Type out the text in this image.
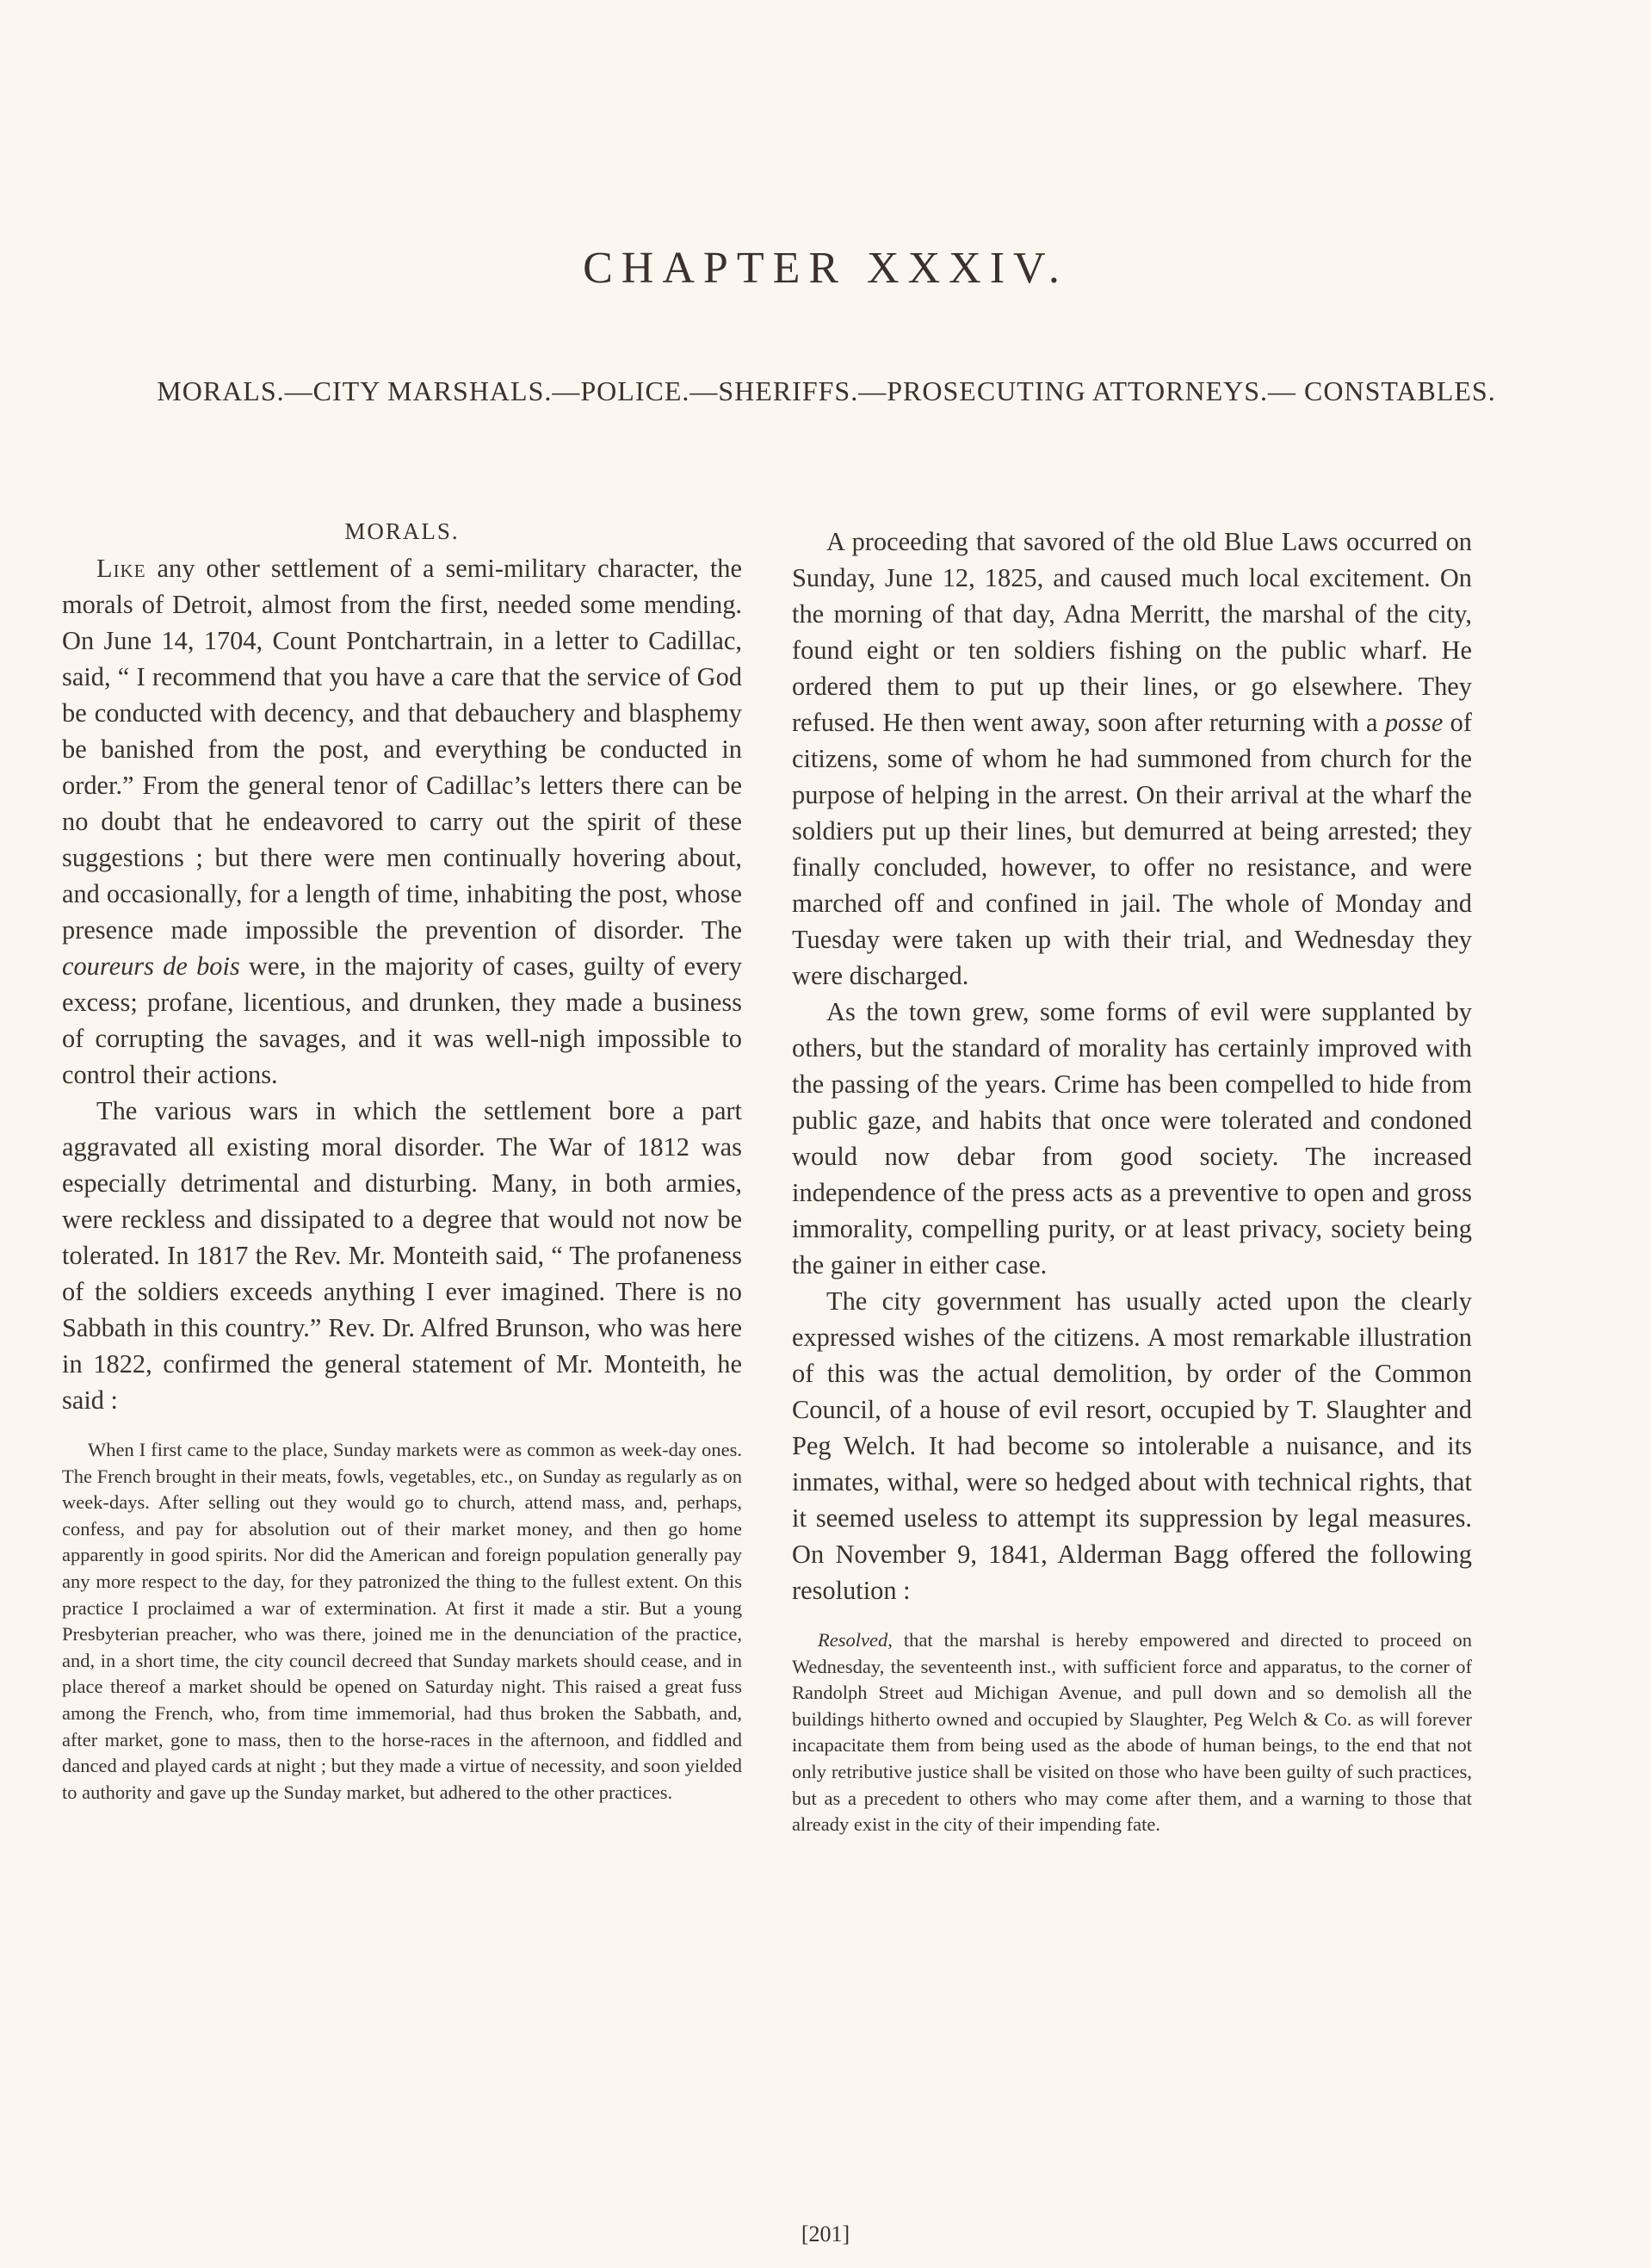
CHAPTER XXXIV.
MORALS.—CITY MARSHALS.—POLICE.—SHERIFFS.—PROSECUTING ATTORNEYS.— CONSTABLES.
MORALS.

Like any other settlement of a semi-military character, the morals of Detroit, almost from the first, needed some mending. On June 14, 1704, Count Pontchartrain, in a letter to Cadillac, said, “ I recommend that you have a care that the service of God be conducted with decency, and that debauchery and blasphemy be banished from the post, and everything be conducted in order.” From the general tenor of Cadillac’s letters there can be no doubt that he endeavored to carry out the spirit of these suggestions ; but there were men continually hovering about, and occasionally, for a length of time, inhabiting the post, whose presence made impossible the prevention of disorder. The coureurs de bois were, in the majority of cases, guilty of every excess; profane, licentious, and drunken, they made a business of corrupting the savages, and it was well-nigh impossible to control their actions.

The various wars in which the settlement bore a part aggravated all existing moral disorder. The War of 1812 was especially detrimental and disturbing. Many, in both armies, were reckless and dissipated to a degree that would not now be tolerated. In 1817 the Rev. Mr. Monteith said, “ The profaneness of the soldiers exceeds anything I ever imagined. There is no Sabbath in this country.” Rev. Dr. Alfred Brunson, who was here in 1822, confirmed the general statement of Mr. Monteith, he said :

When I first came to the place, Sunday markets were as common as week-day ones. The French brought in their meats, fowls, vegetables, etc., on Sunday as regularly as on week-days. After selling out they would go to church, attend mass, and, perhaps, confess, and pay for absolution out of their market money, and then go home apparently in good spirits. Nor did the American and foreign population generally pay any more respect to the day, for they patronized the thing to the fullest extent. On this practice I proclaimed a war of extermination. At first it made a stir. But a young Presbyterian preacher, who was there, joined me in the denunciation of the practice, and, in a short time, the city council decreed that Sunday markets should cease, and in place thereof a market should be opened on Saturday night. This raised a great fuss among the French, who, from time immemorial, had thus broken the Sabbath, and, after market, gone to mass, then to the horse-races in the afternoon, and fiddled and danced and played cards at night ; but they made a virtue of necessity, and soon yielded to authority and gave up the Sunday market, but adhered to the other practices.

A proceeding that savored of the old Blue Laws occurred on Sunday, June 12, 1825, and caused much local excitement. On the morning of that day, Adna Merritt, the marshal of the city, found eight or ten soldiers fishing on the public wharf. He ordered them to put up their lines, or go elsewhere. They refused. He then went away, soon after returning with a posse of citizens, some of whom he had summoned from church for the purpose of helping in the arrest. On their arrival at the wharf the soldiers put up their lines, but demurred at being arrested; they finally concluded, however, to offer no resistance, and were marched off and confined in jail. The whole of Monday and Tuesday were taken up with their trial, and Wednesday they were discharged.

As the town grew, some forms of evil were supplanted by others, but the standard of morality has certainly improved with the passing of the years. Crime has been compelled to hide from public gaze, and habits that once were tolerated and condoned would now debar from good society. The increased independence of the press acts as a preventive to open and gross immorality, compelling purity, or at least privacy, society being the gainer in either case.

The city government has usually acted upon the clearly expressed wishes of the citizens. A most remarkable illustration of this was the actual demolition, by order of the Common Council, of a house of evil resort, occupied by T. Slaughter and Peg Welch. It had become so intolerable a nuisance, and its inmates, withal, were so hedged about with technical rights, that it seemed useless to attempt its suppression by legal measures. On November 9, 1841, Alderman Bagg offered the following resolution :

Resolved, that the marshal is hereby empowered and directed to proceed on Wednesday, the seventeenth inst., with sufficient force and apparatus, to the corner of Randolph Street aud Michigan Avenue, and pull down and so demolish all the buildings hitherto owned and occupied by Slaughter, Peg Welch & Co. as will forever incapacitate them from being used as the abode of human beings, to the end that not only retributive justice shall be visited on those who have been guilty of such practices, but as a precedent to others who may come after them, and a warning to those that already exist in the city of their impending fate.

[201]
